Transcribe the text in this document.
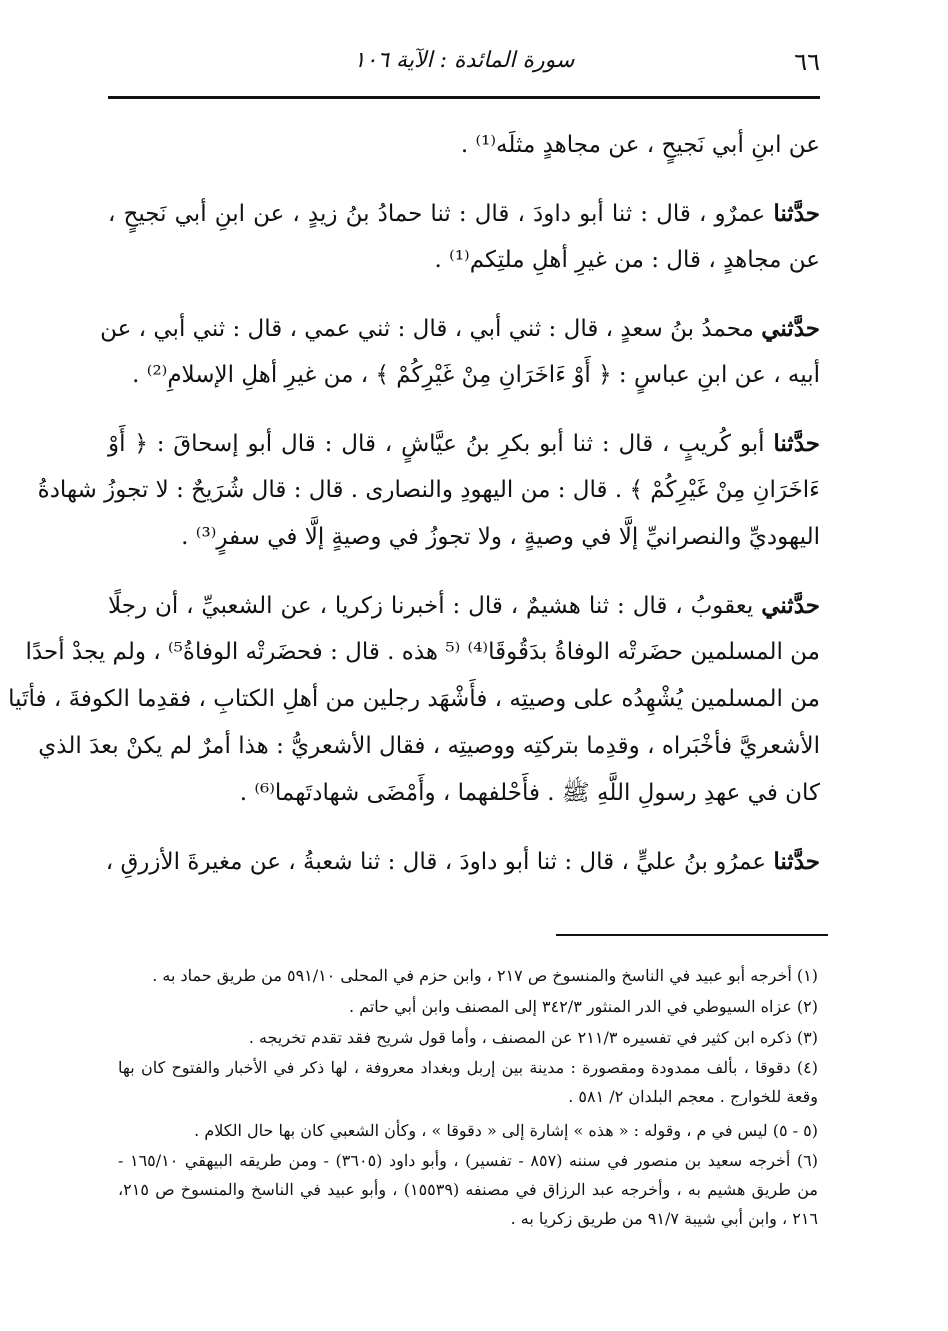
٦٦
سورة المائدة : الآية ١٠٦
عن ابنِ أبي نَجيحٍ ، عن مجاهدٍ مثلَه⁽¹⁾ .
حدَّثنا عمرٌو ، قال : ثنا أبو داودَ ، قال : ثنا حمادُ بنُ زيدٍ ، عن ابنِ أبي نَجيحٍ ،
عن مجاهدٍ ، قال : من غيرِ أهلِ ملتِكم⁽¹⁾ .
حدَّثني محمدُ بنُ سعدٍ ، قال : ثني أبي ، قال : ثني عمي ، قال : ثني أبي ، عن
أبيه ، عن ابنِ عباسٍ : ﴿ أَوْ ءَاخَرَانِ مِنْ غَيْرِكُمْ ﴾ ، من غيرِ أهلِ الإسلامِ⁽²⁾ .
حدَّثنا أبو كُريبٍ ، قال : ثنا أبو بكرِ بنُ عيَّاشٍ ، قال : قال أبو إسحاقَ : ﴿ أَوْ
ءَاخَرَانِ مِنْ غَيْرِكُمْ ﴾ . قال : من اليهودِ والنصارى . قال : قال شُرَيحٌ : لا تجوزُ شهادةُ
اليهوديِّ والنصرانيِّ إلَّا في وصيةٍ ، ولا تجوزُ في وصيةٍ إلَّا في سفرٍ⁽³⁾ .
حدَّثني يعقوبُ ، قال : ثنا هشيمٌ ، قال : أخبرنا زكريا ، عن الشعبيِّ ، أن رجلًا
من المسلمين حضَرتْه الوفاةُ بدَقُوقَا⁽⁴⁾ ⁽⁵ هذه . قال : فحضَرتْه الوفاةُ⁵⁾ ، ولم يجدْ أحدًا
من المسلمين يُشْهِدُه على وصيتِه ، فأَشْهَد رجلين من أهلِ الكتابِ ، فقدِما الكوفةَ ، فأتَيا
الأشعريَّ فأخْبَراه ، وقدِما بتركتِه ووصيتِه ، فقال الأشعريُّ : هذا أمرٌ لم يكنْ بعدَ الذي
كان في عهدِ رسولِ اللَّهِ ﷺ . فأَحْلفهما ، وأَمْضَى شهادتَهما⁽⁶⁾ .
حدَّثنا عمرُو بنُ عليٍّ ، قال : ثنا أبو داودَ ، قال : ثنا شعبةُ ، عن مغيرةَ الأزرقِ ،
(١) أخرجه أبو عبيد في الناسخ والمنسوخ ص ٢١٧ ، وابن حزم في المحلى ٥٩١/١٠ من طريق حماد به .
(٢) عزاه السيوطي في الدر المنثور ٣٤٢/٣ إلى المصنف وابن أبي حاتم .
(٣) ذكره ابن كثير في تفسيره ٢١١/٣ عن المصنف ، وأما قول شريح فقد تقدم تخريجه .
(٤) دقوقا ، بألف ممدودة ومقصورة : مدينة بين إربل وبغداد معروفة ، لها ذكر في الأخبار والفتوح كان بها
وقعة للخوارج . معجم البلدان ٢/ ٥٨١ .
(٥ - ٥) ليس في م ، وقوله : « هذه » إشارة إلى « دقوقا » ، وكأن الشعبي كان بها حال الكلام .
(٦) أخرجه سعيد بن منصور في سننه (٨٥٧ - تفسير) ، وأبو داود (٣٦٠٥) - ومن طريقه البيهقي ١٦٥/١٠ -
من طريق هشيم به ، وأخرجه عبد الرزاق في مصنفه (١٥٥٣٩) ، وأبو عبيد في الناسخ والمنسوخ ص ٢١٥،
٢١٦ ، وابن أبي شيبة ٩١/٧ من طريق زكريا به .
